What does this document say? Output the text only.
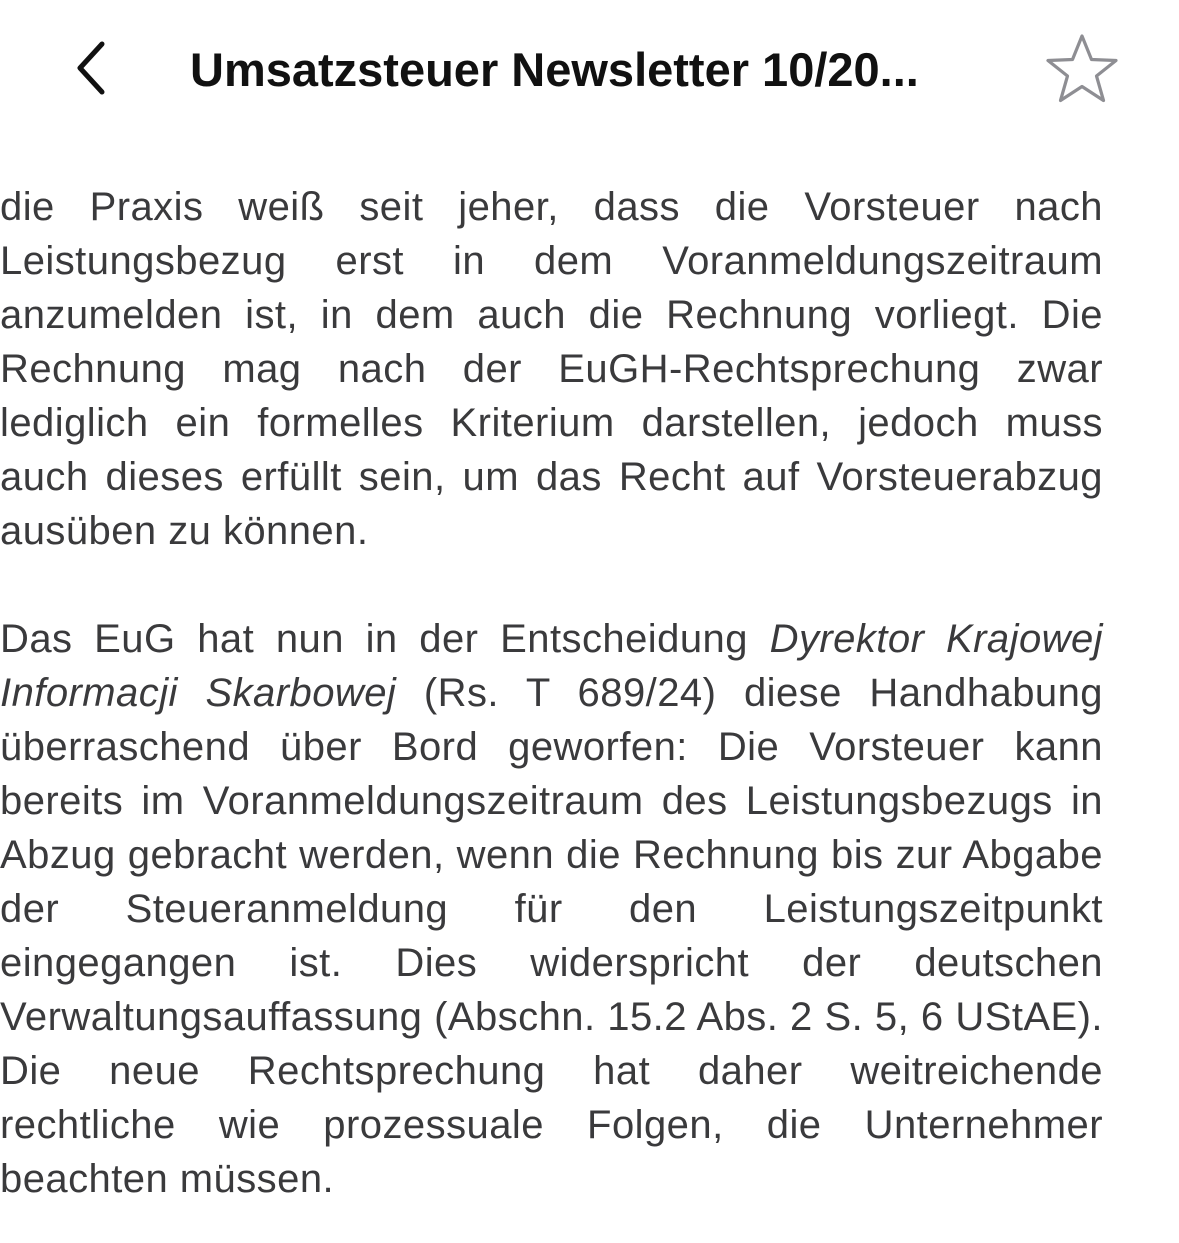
Umsatzsteuer Newsletter 10/20...

die Praxis weiß seit jeher, dass die Vorsteuer nach Leistungsbezug erst in dem Voranmeldungszeitraum anzumelden ist, in dem auch die Rechnung vorliegt. Die Rechnung mag nach der EuGH-Rechtsprechung zwar lediglich ein formelles Kriterium darstellen, jedoch muss auch dieses erfüllt sein, um das Recht auf Vorsteuerabzug ausüben zu können.

Das EuG hat nun in der Entscheidung Dyrektor Krajowej Informacji Skarbowej (Rs. T 689/24) diese Handhabung überraschend über Bord geworfen: Die Vorsteuer kann bereits im Voranmeldungszeitraum des Leistungsbezugs in Abzug gebracht werden, wenn die Rechnung bis zur Abgabe der Steueranmeldung für den Leistungszeitpunkt eingegangen ist. Dies widerspricht der deutschen Verwaltungsauffassung (Abschn. 15.2 Abs. 2 S. 5, 6 UStAE). Die neue Rechtsprechung hat daher weitreichende rechtliche wie prozessuale Folgen, die Unternehmer beachten müssen.
